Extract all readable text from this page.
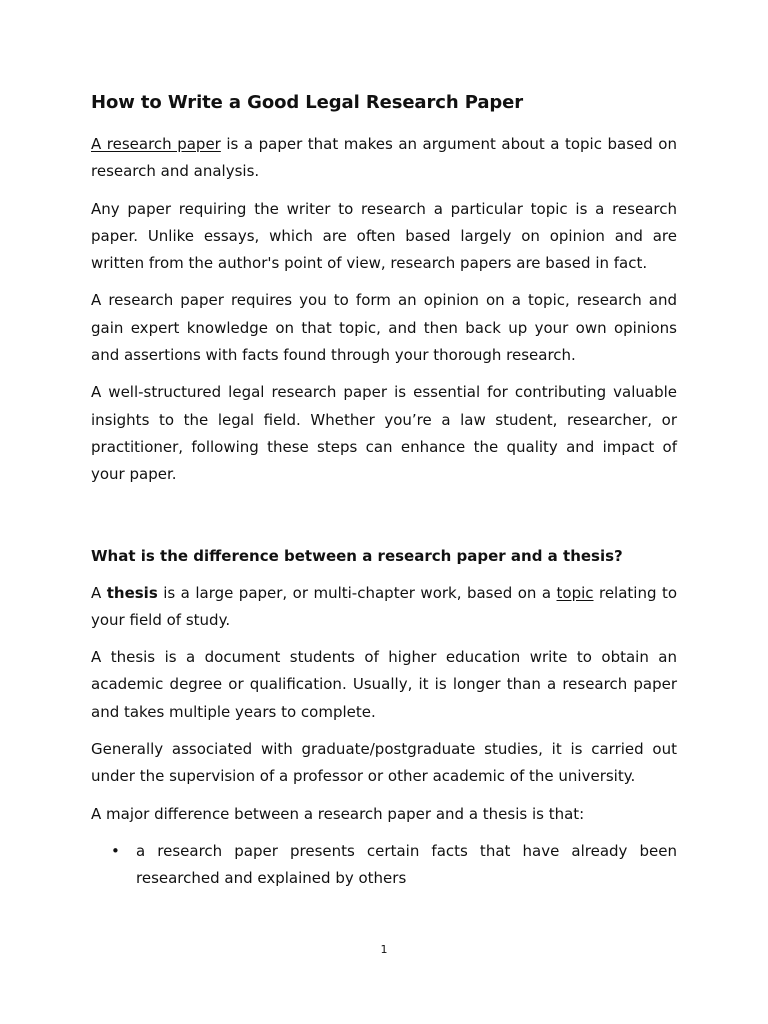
How to Write a Good Legal Research Paper

A research paper is a paper that makes an argument about a topic based on research and analysis.

Any paper requiring the writer to research a particular topic is a research paper. Unlike essays, which are often based largely on opinion and are written from the author's point of view, research papers are based in fact.

A research paper requires you to form an opinion on a topic, research and gain expert knowledge on that topic, and then back up your own opinions and assertions with facts found through your thorough research.

A well-structured legal research paper is essential for contributing valuable insights to the legal field. Whether you’re a law student, researcher, or practitioner, following these steps can enhance the quality and impact of your paper.

What is the difference between a research paper and a thesis?

A thesis is a large paper, or multi-chapter work, based on a topic relating to your field of study.

A thesis is a document students of higher education write to obtain an academic degree or qualification. Usually, it is longer than a research paper and takes multiple years to complete.

Generally associated with graduate/postgraduate studies, it is carried out under the supervision of a professor or other academic of the university.

A major difference between a research paper and a thesis is that:

• a research paper presents certain facts that have already been researched and explained by others
1
